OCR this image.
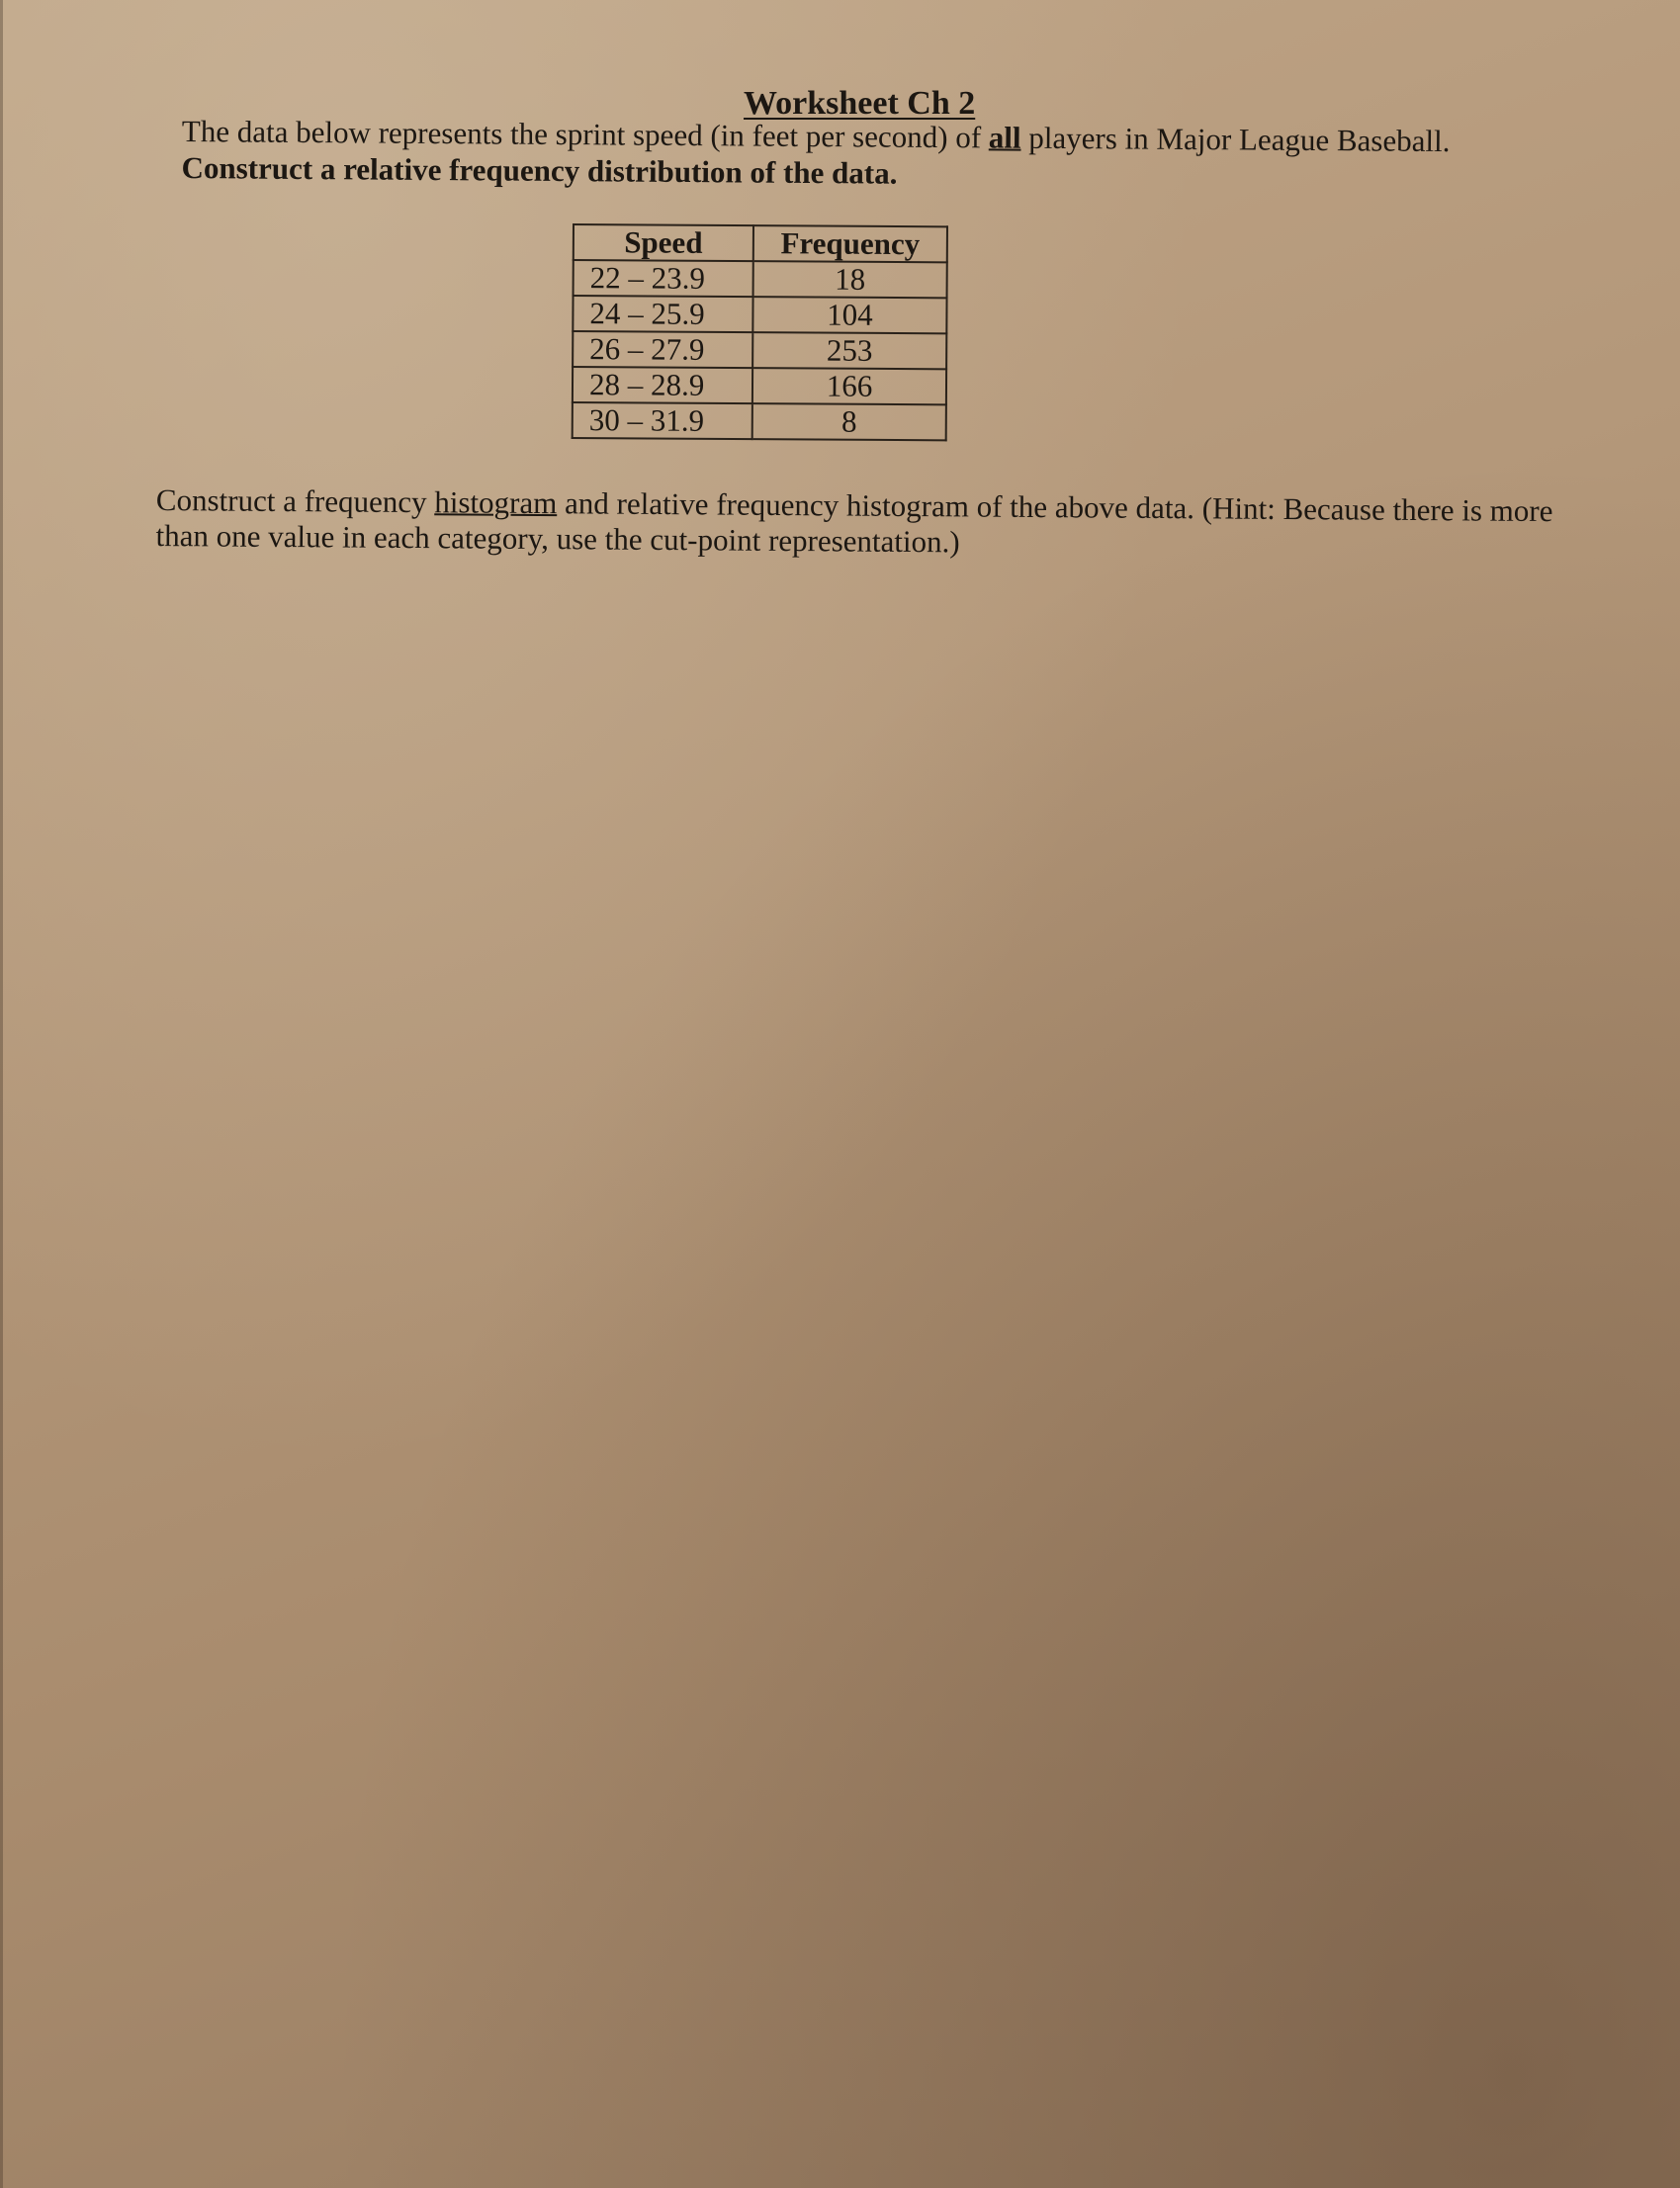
Worksheet Ch 2
The data below represents the sprint speed (in feet per second) of all players in Major League Baseball. Construct a relative frequency distribution of the data.
Speed	Frequency
22 – 23.9	18
24 – 25.9	104
26 – 27.9	253
28 – 28.9	166
30 – 31.9	8
Construct a frequency histogram and relative frequency histogram of the above data. (Hint: Because there is more than one value in each category, use the cut-point representation.)
